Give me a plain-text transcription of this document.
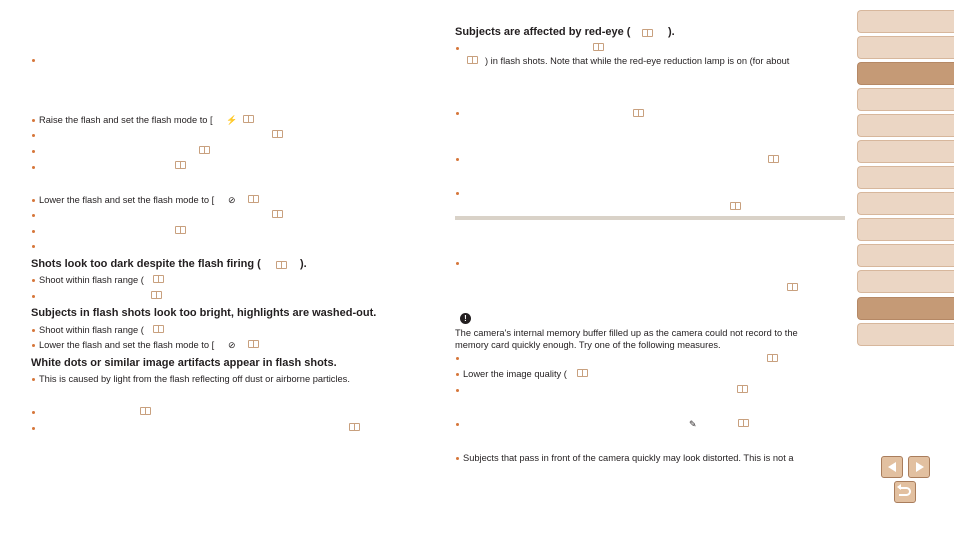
Raise the flash and set the flash mode to [ ⚡
Lower the flash and set the flash mode to [ ⊘
Shots look too dark despite the flash firing (	).
Shoot within flash range (
Subjects in flash shots look too bright, highlights are washed-out.
Shoot within flash range (
Lower the flash and set the flash mode to [ ⊘
White dots or similar image artifacts appear in flash shots.
This is caused by light from the flash reflecting off dust or airborne particles.
Subjects are affected by red-eye (	).
) in flash shots. Note that while the red-eye reduction lamp is on (for about
!
The camera's internal memory buffer filled up as the camera could not record to the
memory card quickly enough. Try one of the following measures.
Lower the image quality (
✎
Subjects that pass in front of the camera quickly may look distorted. This is not a
